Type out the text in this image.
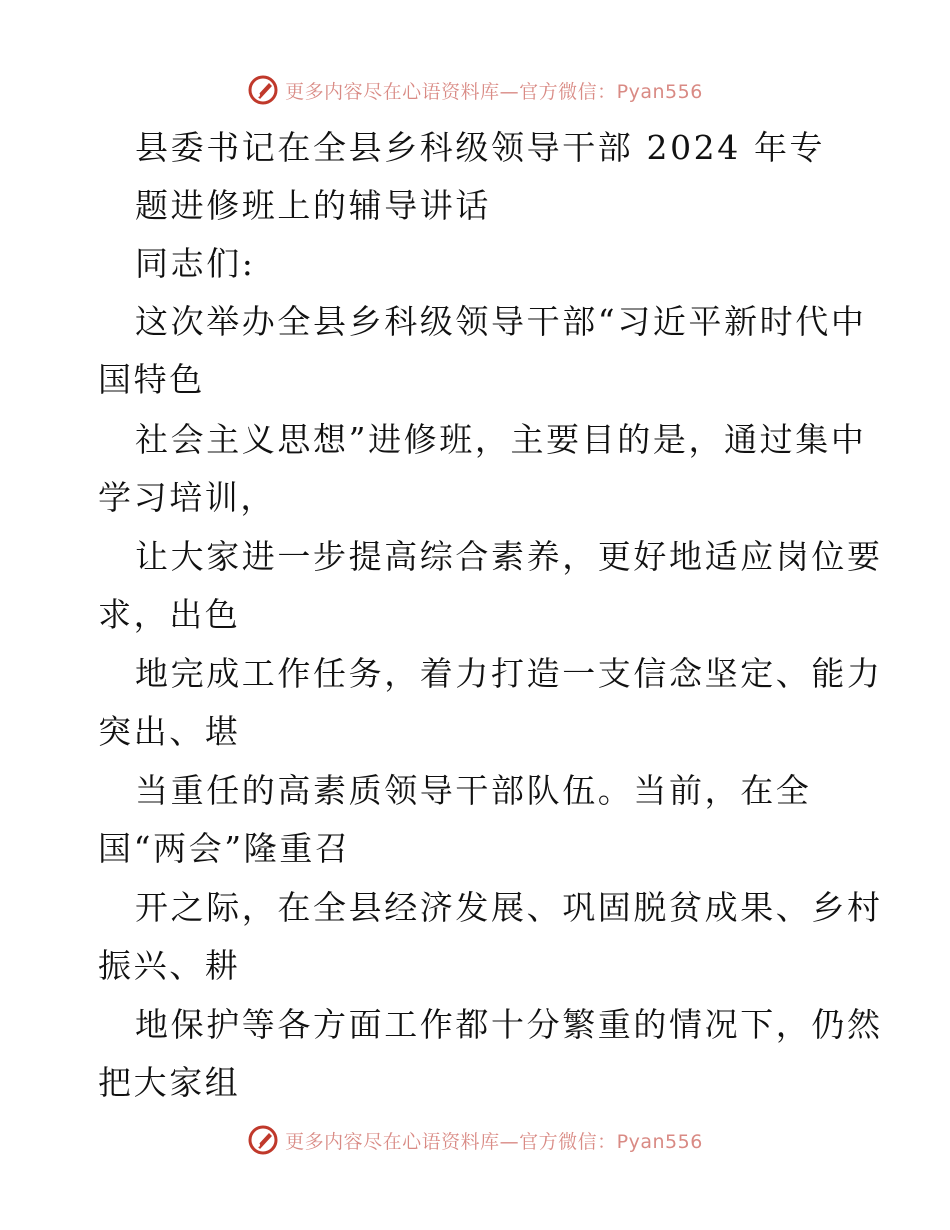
更多内容尽在心语资料库—官方微信：Pyan556
县委书记在全县乡科级领导干部 2024 年专
题进修班上的辅导讲话
同志们:
这次举办全县乡科级领导干部“习近平新时代中
国特色
社会主义思想”进修班，主要目的是，通过集中
学习培训，
让大家进一步提高综合素养，更好地适应岗位要
求，出色
地完成工作任务，着力打造一支信念坚定、能力
突出、堪
当重任的高素质领导干部队伍。当前，在全
国“两会”隆重召
开之际，在全县经济发展、巩固脱贫成果、乡村
振兴、耕
地保护等各方面工作都十分繁重的情况下，仍然
把大家组
更多内容尽在心语资料库—官方微信：Pyan556
